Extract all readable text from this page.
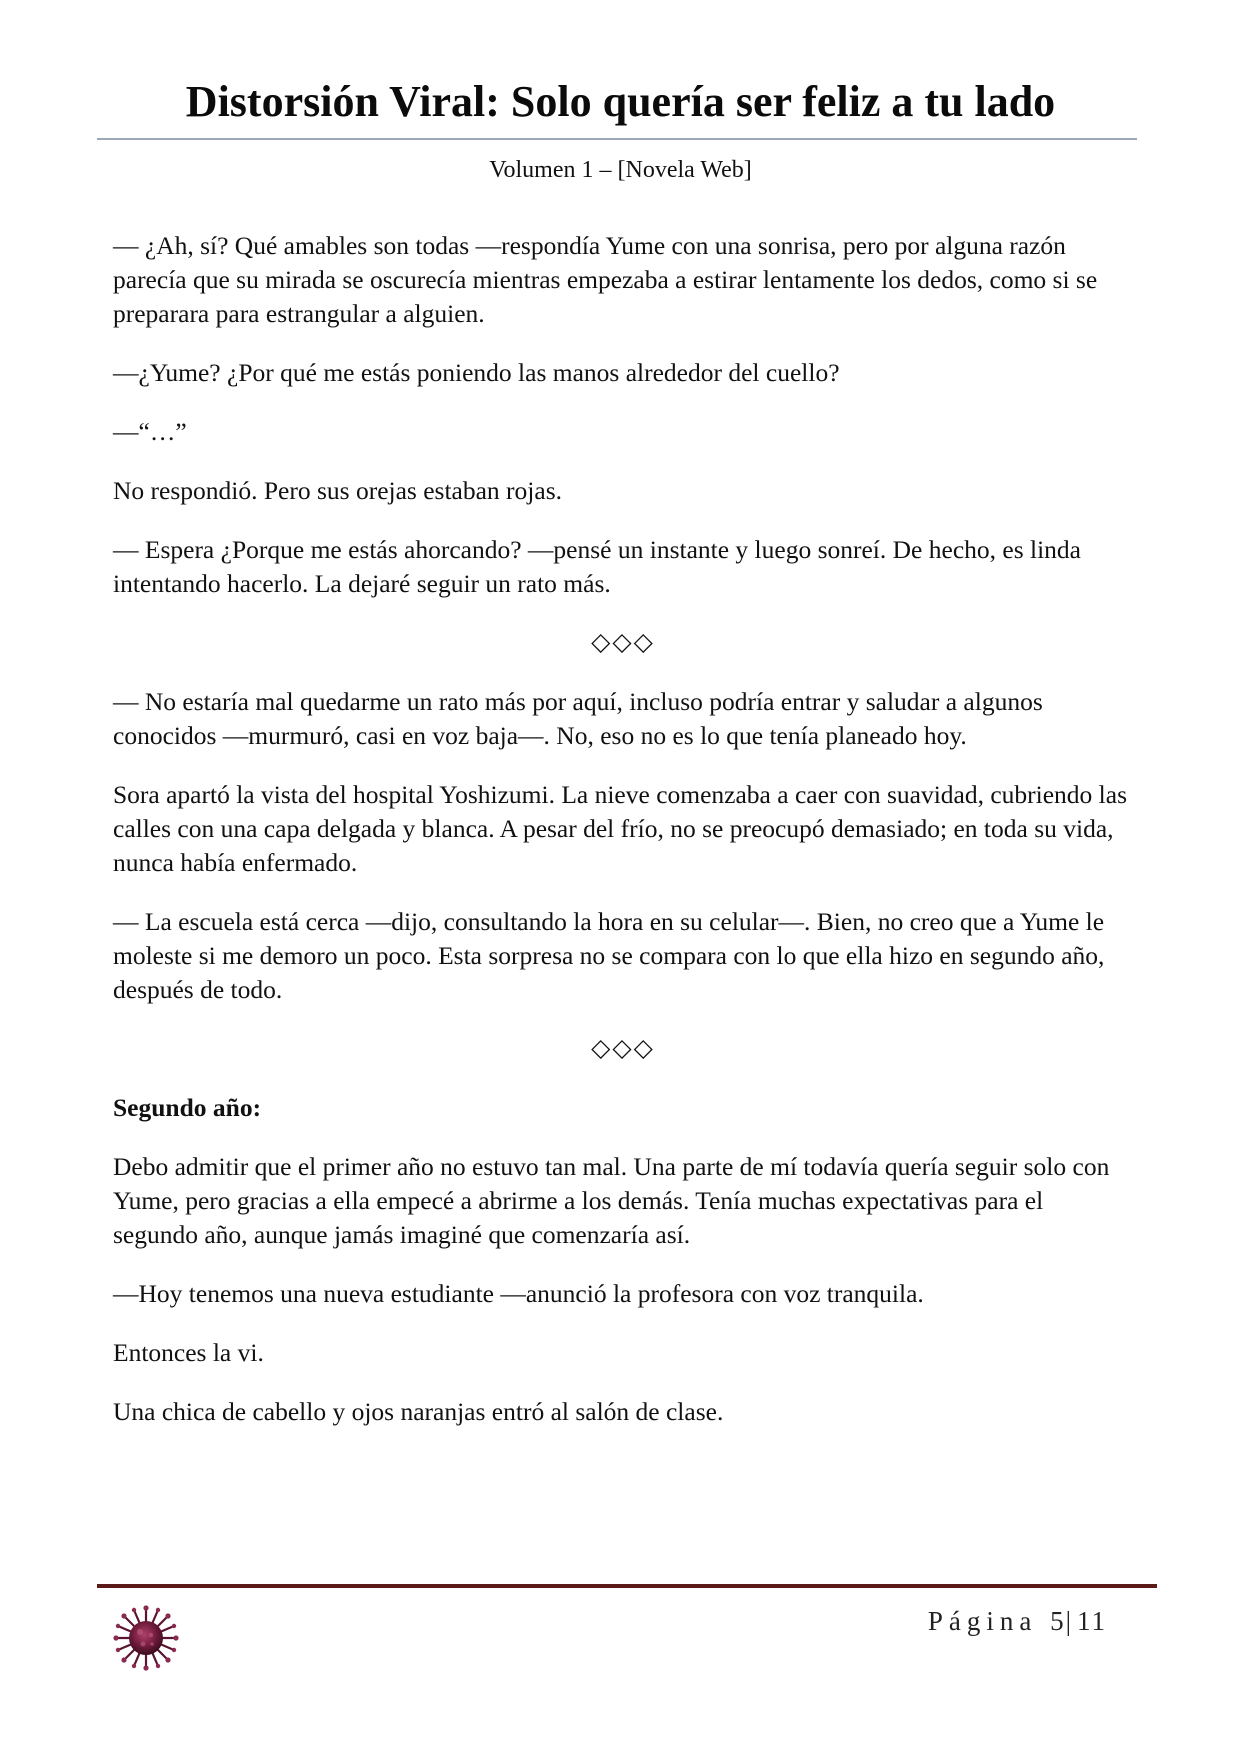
Distorsión Viral: Solo quería ser feliz a tu lado
Volumen 1 – [Novela Web]

— ¿Ah, sí? Qué amables son todas —respondía Yume con una sonrisa, pero por alguna razón parecía que su mirada se oscurecía mientras empezaba a estirar lentamente los dedos, como si se preparara para estrangular a alguien.

—¿Yume? ¿Por qué me estás poniendo las manos alrededor del cuello?

—“…”

No respondió. Pero sus orejas estaban rojas.

— Espera ¿Porque me estás ahorcando? —pensé un instante y luego sonreí. De hecho, es linda intentando hacerlo. La dejaré seguir un rato más.

◇◇◇

— No estaría mal quedarme un rato más por aquí, incluso podría entrar y saludar a algunos conocidos —murmuró, casi en voz baja—. No, eso no es lo que tenía planeado hoy.

Sora apartó la vista del hospital Yoshizumi. La nieve comenzaba a caer con suavidad, cubriendo las calles con una capa delgada y blanca. A pesar del frío, no se preocupó demasiado; en toda su vida, nunca había enfermado.

— La escuela está cerca —dijo, consultando la hora en su celular—. Bien, no creo que a Yume le moleste si me demoro un poco. Esta sorpresa no se compara con lo que ella hizo en segundo año, después de todo.

◇◇◇

Segundo año:

Debo admitir que el primer año no estuvo tan mal. Una parte de mí todavía quería seguir solo con Yume, pero gracias a ella empecé a abrirme a los demás. Tenía muchas expectativas para el segundo año, aunque jamás imaginé que comenzaría así.

—Hoy tenemos una nueva estudiante —anunció la profesora con voz tranquila.

Entonces la vi.

Una chica de cabello y ojos naranjas entró al salón de clase.

Página 5|11
